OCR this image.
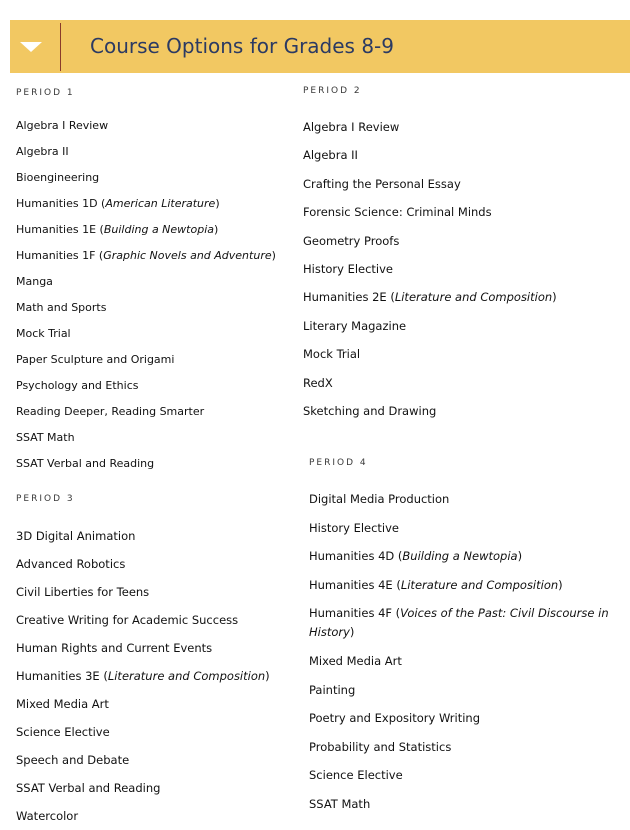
Course Options for Grades 8-9
PERIOD 1
Algebra I Review
Algebra II
Bioengineering
Humanities 1D (American Literature)
Humanities 1E (Building a Newtopia)
Humanities 1F (Graphic Novels and Adventure)
Manga
Math and Sports
Mock Trial
Paper Sculpture and Origami
Psychology and Ethics
Reading Deeper, Reading Smarter
SSAT Math
SSAT Verbal and Reading
PERIOD 2
Algebra I Review
Algebra II
Crafting the Personal Essay
Forensic Science: Criminal Minds
Geometry Proofs
History Elective
Humanities 2E (Literature and Composition)
Literary Magazine
Mock Trial
RedX
Sketching and Drawing
PERIOD 3
3D Digital Animation
Advanced Robotics
Civil Liberties for Teens
Creative Writing for Academic Success
Human Rights and Current Events
Humanities 3E (Literature and Composition)
Mixed Media Art
Science Elective
Speech and Debate
SSAT Verbal and Reading
Watercolor
PERIOD 4
Digital Media Production
History Elective
Humanities 4D (Building a Newtopia)
Humanities 4E (Literature and Composition)
Humanities 4F (Voices of the Past: Civil Discourse in History)
Mixed Media Art
Painting
Poetry and Expository Writing
Probability and Statistics
Science Elective
SSAT Math
